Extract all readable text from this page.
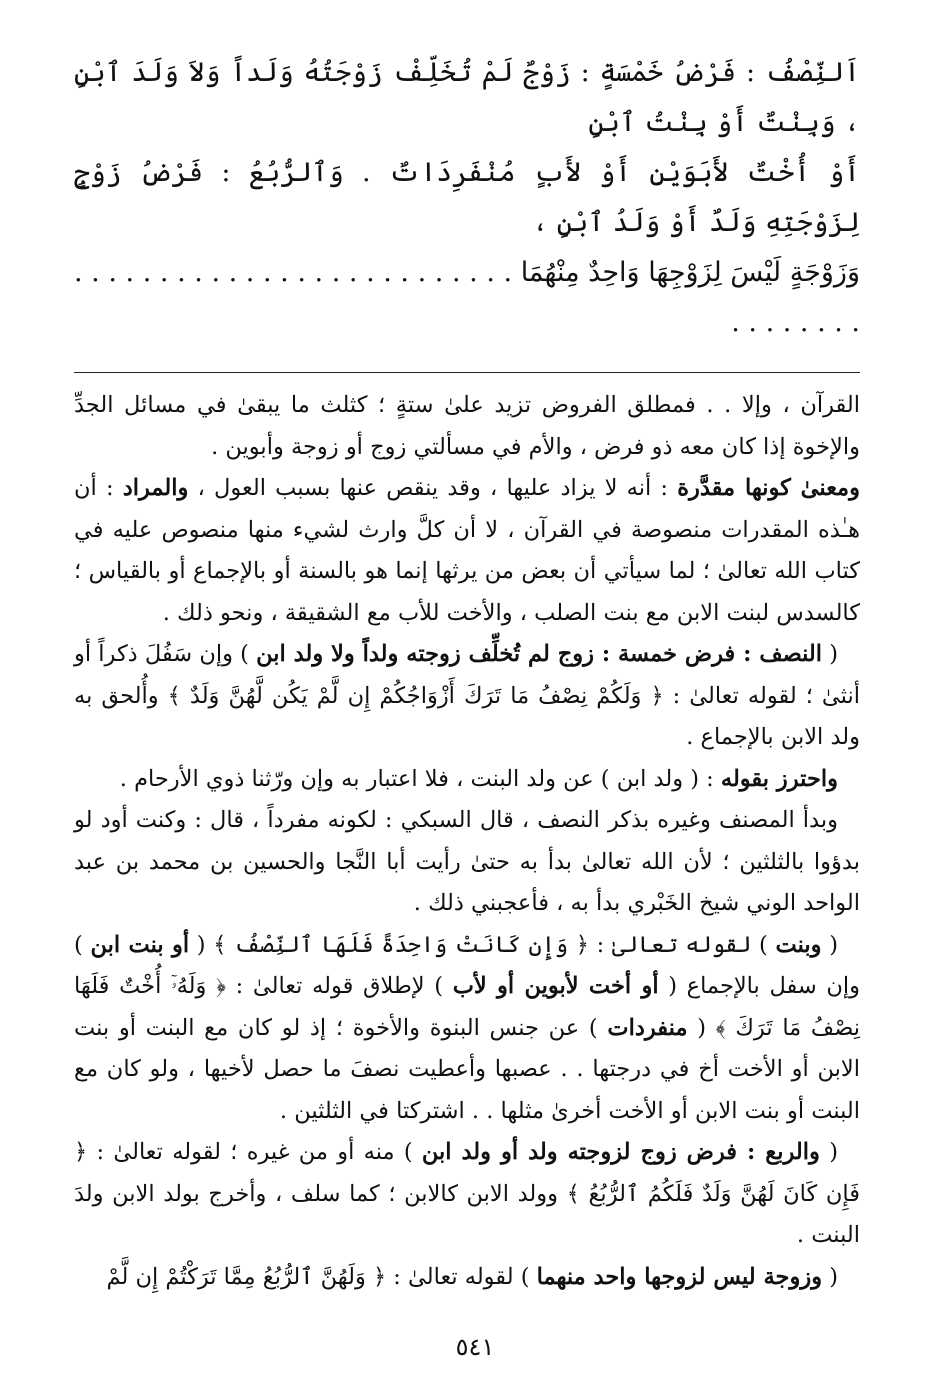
اَلنِّصْفُ : فَرْضُ خَمْسَةٍ : زَوْجٌ لَمْ تُخَلِّفْ زَوْجَتُهُ وَلَداً وَلاَ وَلَدَ ٱبْنٍ ، وَبِنْتٌ أَوْ بِنْتُ ٱبْنٍ

أَوْ أُخْتٌ لأَبَوَيْنِ أَوْ لأَبٍ مُنْفَرِدَاتٌ . وَٱلرُّبُعُ : فَرْضُ زَوْجٍ لِزَوْجَتِهِ وَلَدٌ أَوْ وَلَدُ ٱبْنٍ ،

وَزَوْجَةٍ لَيْسَ لِزَوْجِهَا وَاحِدٌ مِنْهُمَا . . . . . . . . . . . . . . . . . . . . . . . . . . . . . . . . . .

القرآن ، وإلا . . فمطلق الفروض تزيد علىٰ ستةٍ ؛ كثلث ما يبقىٰ في مسائل الجدِّ والإخوة إذا كان معه ذو فرض ، والأم في مسألتي زوج أو زوجة وأبوين .

ومعنىٰ كونها مقدَّرة : أنه لا يزاد عليها ، وقد ينقص عنها بسبب العول ، والمراد : أن هـٰذه المقدرات منصوصة في القرآن ، لا أن كلَّ وارث لشيء منها منصوص عليه في كتاب الله تعالىٰ ؛ لما سيأتي أن بعض من يرثها إنما هو بالسنة أو بالإجماع أو بالقياس ؛ كالسدس لبنت الابن مع بنت الصلب ، والأخت للأب مع الشقيقة ، ونحو ذلك .

( النصف : فرض خمسة : زوج لم تُخلِّف زوجته ولداً ولا ولد ابن ) وإن سَفُلَ ذكراً أو أنثىٰ ؛ لقوله تعالىٰ : ﴿ وَلَكُمْ نِصْفُ مَا تَرَكَ أَزْوَاجُكُمْ إِن لَّمْ يَكُن لَّهُنَّ وَلَدٌ ﴾ وأُلحق به ولد الابن بالإجماع .

واحترز بقوله : ( ولد ابن ) عن ولد البنت ، فلا اعتبار به وإن ورّثنا ذوي الأرحام .

وبدأ المصنف وغيره بذكر النصف ، قال السبكي : لكونه مفرداً ، قال : وكنت أود لو بدؤوا بالثلثين ؛ لأن الله تعالىٰ بدأ به حتىٰ رأيت أبا النَّجا والحسين بن محمد بن عبد الواحد الوني شيخ الخَبْري بدأ به ، فأعجبني ذلك .

( وبنت ) لقوله تعالىٰ : ﴿ وَإِن كَانَتْ وَاحِدَةً فَلَهَا ٱلنِّصْفُ ﴾ ( أو بنت ابن ) وإن سفل بالإجماع ( أو أخت لأبوين أو لأب ) لإطلاق قوله تعالىٰ : ﴿ وَلَهُۥٓ أُخْتٌ فَلَهَا نِصْفُ مَا تَرَكَ ﴾ ( منفردات ) عن جنس البنوة والأخوة ؛ إذ لو كان مع البنت أو بنت الابن أو الأخت أخ في درجتها . . عصبها وأعطيت نصفَ ما حصل لأخيها ، ولو كان مع البنت أو بنت الابن أو الأخت أخرىٰ مثلها . . اشتركتا في الثلثين .

( والربع : فرض زوج لزوجته ولد أو ولد ابن ) منه أو من غيره ؛ لقوله تعالىٰ : ﴿ فَإِن كَانَ لَهُنَّ وَلَدٌ فَلَكُمُ ٱلرُّبُعُ ﴾ وولد الابن كالابن ؛ كما سلف ، وأخرج بولد الابن ولدَ البنت .

( وزوجة ليس لزوجها واحد منهما ) لقوله تعالىٰ : ﴿ وَلَهُنَّ ٱلرُّبُعُ مِمَّا تَرَكْتُمْ إِن لَّمْ

٥٤١
